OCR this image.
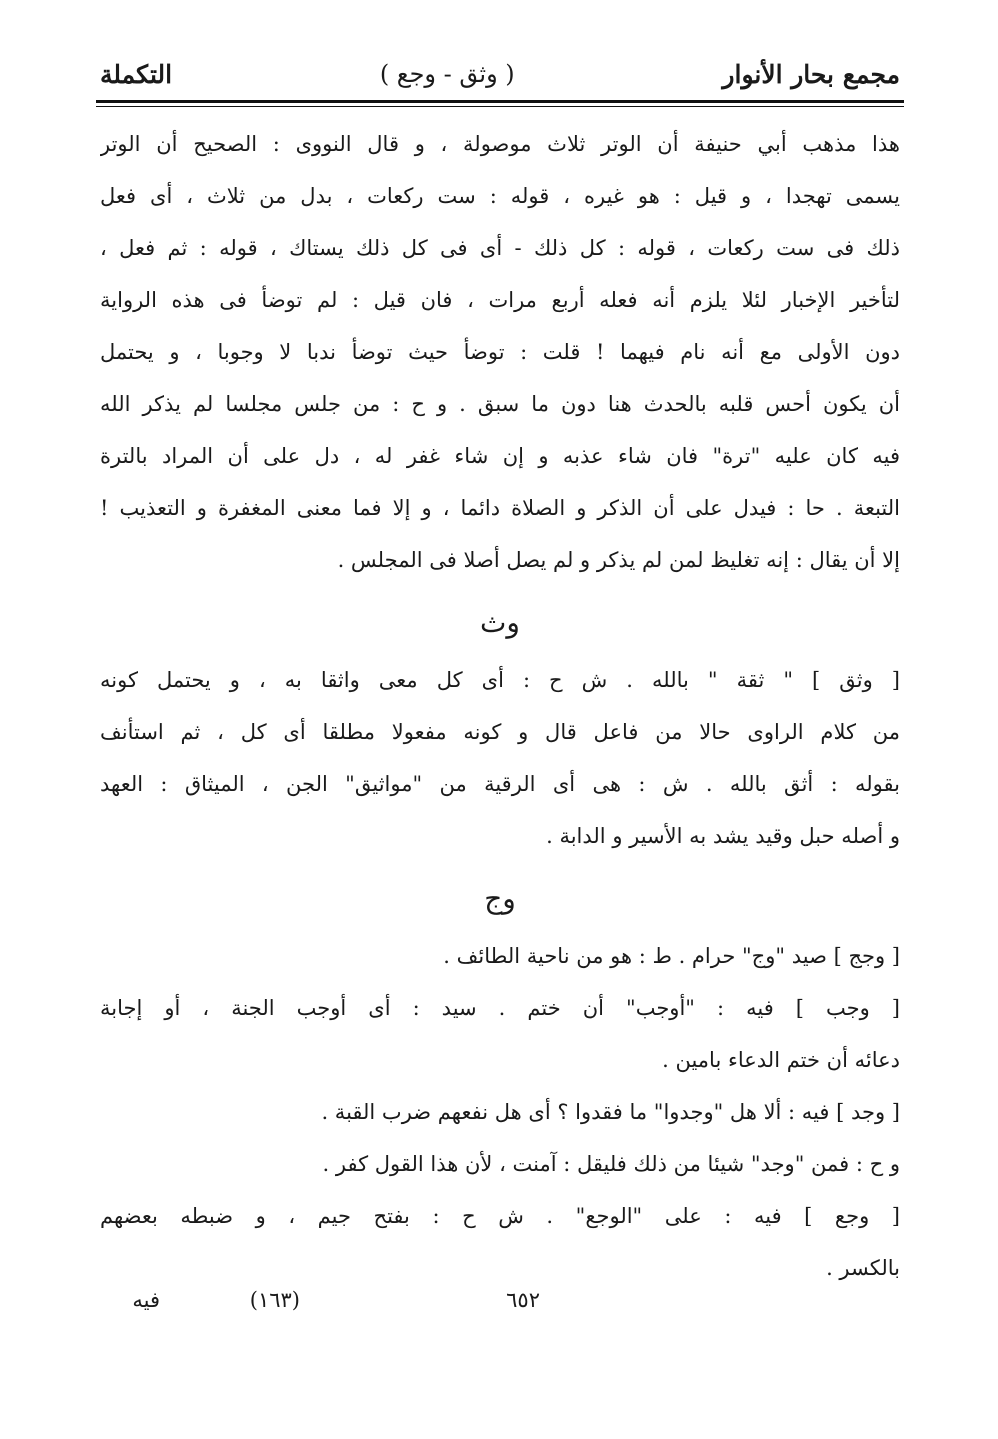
مجمع بحار الأنوار
( وثق - وجع )
التكملة
هذا مذهب أبي حنيفة أن الوتر ثلاث موصولة ، و قال النووى : الصحيح أن الوتر
يسمى تهجدا ، و قيل : هو غيره ، قوله : ست ركعات ، بدل من ثلاث ، أى فعل
ذلك فى ست ركعات ، قوله : كل ذلك - أى فى كل ذلك يستاك ، قوله : ثم فعل ،
لتأخير الإخبار لئلا يلزم أنه فعله أربع مرات ، فان قيل : لم توضأ فى هذه الرواية
دون الأولى مع أنه نام فيهما ! قلت : توضأ حيث توضأ ندبا لا وجوبا ، و يحتمل
أن يكون أحس قلبه بالحدث هنا دون ما سبق . و ح : من جلس مجلسا لم يذكر الله
فيه كان عليه "ترة" فان شاء عذبه و إن شاء غفر له ، دل على أن المراد بالترة
التبعة . حا : فيدل على أن الذكر و الصلاة دائما ، و إلا فما معنى المغفرة و التعذيب !
إلا أن يقال : إنه تغليظ لمن لم يذكر و لم يصل أصلا فى المجلس .
وث
[ وثق ] " ثقة " بالله . ش ح : أى كل معى واثقا به ، و يحتمل كونه
من كلام الراوى حالا من فاعل قال و كونه مفعولا مطلقا أى كل ، ثم استأنف
بقوله : أثق بالله . ش : هى أى الرقية من "مواثيق" الجن ، الميثاق : العهد
و أصله حبل وقيد يشد به الأسير و الدابة .
وج
[ وجج ] صيد "وج" حرام . ط : هو من ناحية الطائف .
[ وجب ] فيه : "أوجب" أن ختم . سيد : أى أوجب الجنة ، أو إجابة
دعائه أن ختم الدعاء بامين .
[ وجد ] فيه : ألا هل "وجدوا" ما فقدوا ؟ أى هل نفعهم ضرب القبة .
و ح : فمن "وجد" شيئا من ذلك فليقل : آمنت ، لأن هذا القول كفر .
[ وجع ] فيه : على "الوجع" . ش ح : بفتح جيم ، و ضبطه بعضهم
بالكسر .
٦٥٢
(١٦٣)
فيه
